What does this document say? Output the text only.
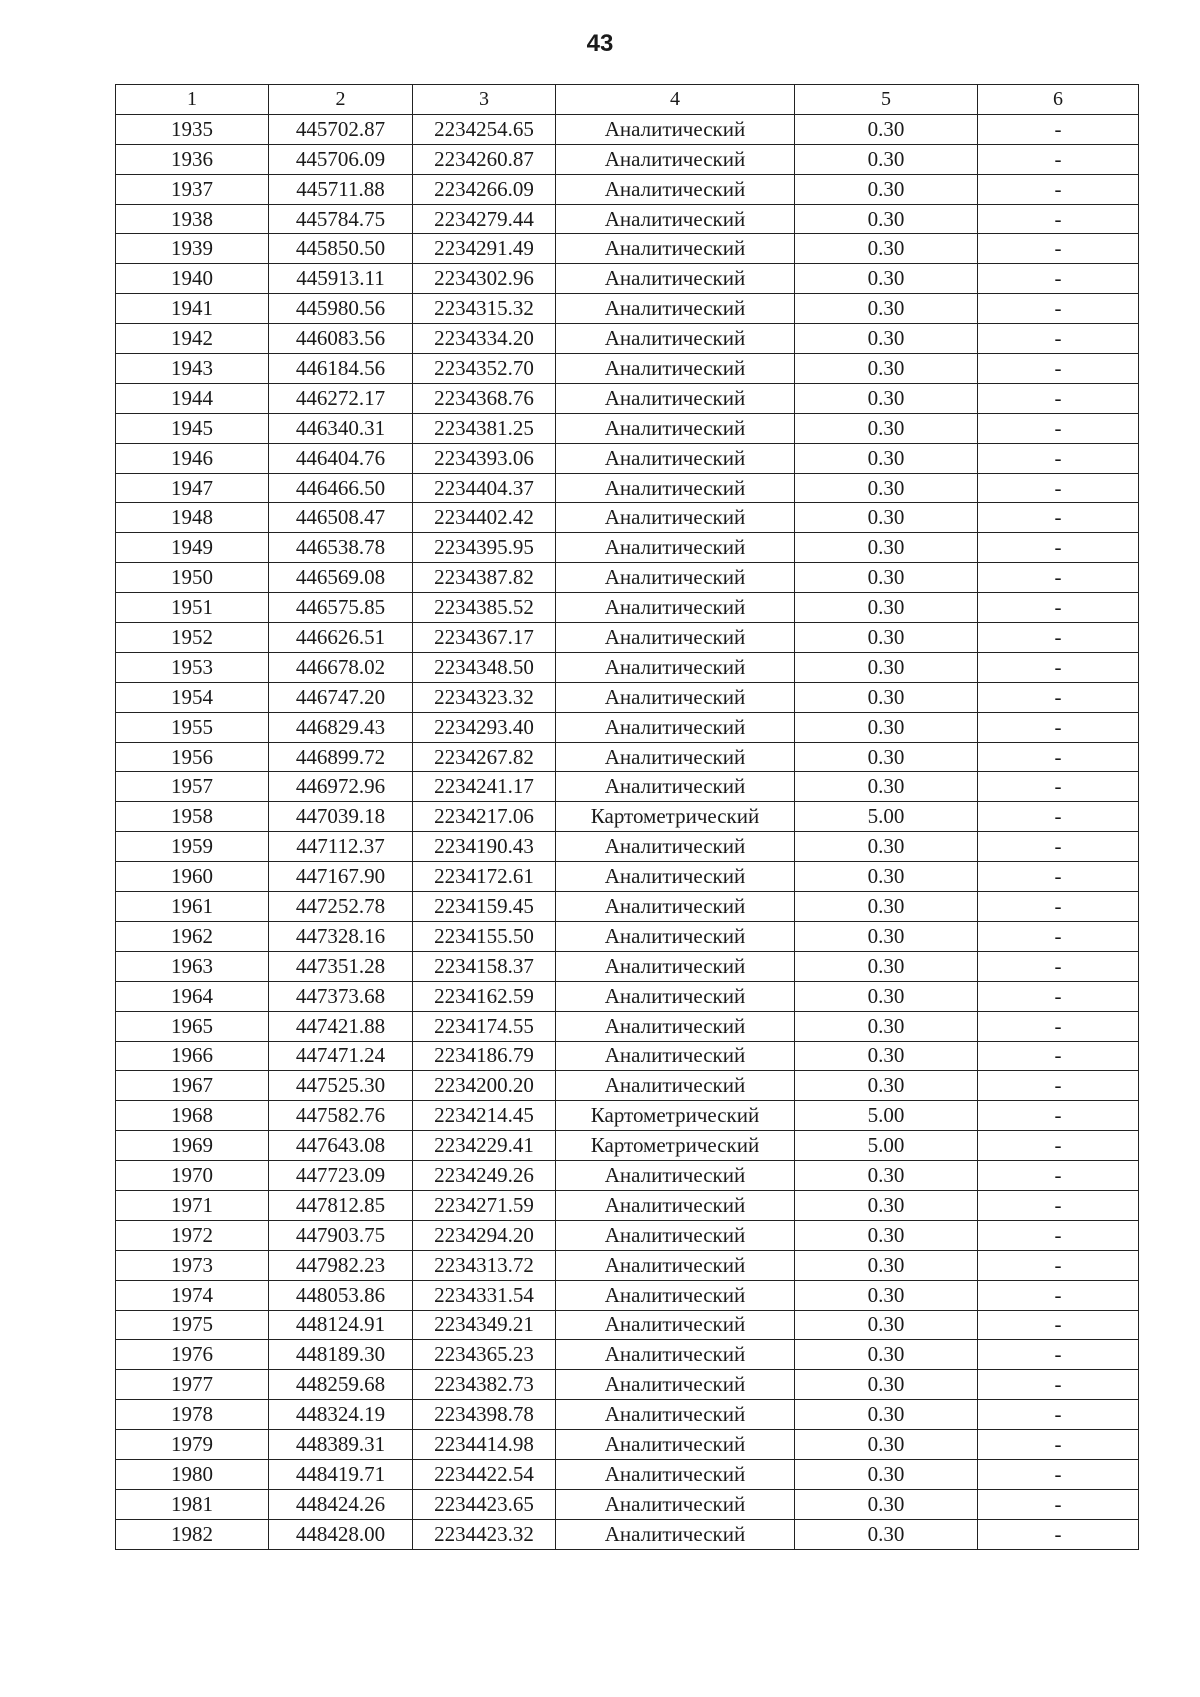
43
1	2	3	4	5	6
1935	445702.87	2234254.65	Аналитический	0.30	-
1936	445706.09	2234260.87	Аналитический	0.30	-
1937	445711.88	2234266.09	Аналитический	0.30	-
1938	445784.75	2234279.44	Аналитический	0.30	-
1939	445850.50	2234291.49	Аналитический	0.30	-
1940	445913.11	2234302.96	Аналитический	0.30	-
1941	445980.56	2234315.32	Аналитический	0.30	-
1942	446083.56	2234334.20	Аналитический	0.30	-
1943	446184.56	2234352.70	Аналитический	0.30	-
1944	446272.17	2234368.76	Аналитический	0.30	-
1945	446340.31	2234381.25	Аналитический	0.30	-
1946	446404.76	2234393.06	Аналитический	0.30	-
1947	446466.50	2234404.37	Аналитический	0.30	-
1948	446508.47	2234402.42	Аналитический	0.30	-
1949	446538.78	2234395.95	Аналитический	0.30	-
1950	446569.08	2234387.82	Аналитический	0.30	-
1951	446575.85	2234385.52	Аналитический	0.30	-
1952	446626.51	2234367.17	Аналитический	0.30	-
1953	446678.02	2234348.50	Аналитический	0.30	-
1954	446747.20	2234323.32	Аналитический	0.30	-
1955	446829.43	2234293.40	Аналитический	0.30	-
1956	446899.72	2234267.82	Аналитический	0.30	-
1957	446972.96	2234241.17	Аналитический	0.30	-
1958	447039.18	2234217.06	Картометрический	5.00	-
1959	447112.37	2234190.43	Аналитический	0.30	-
1960	447167.90	2234172.61	Аналитический	0.30	-
1961	447252.78	2234159.45	Аналитический	0.30	-
1962	447328.16	2234155.50	Аналитический	0.30	-
1963	447351.28	2234158.37	Аналитический	0.30	-
1964	447373.68	2234162.59	Аналитический	0.30	-
1965	447421.88	2234174.55	Аналитический	0.30	-
1966	447471.24	2234186.79	Аналитический	0.30	-
1967	447525.30	2234200.20	Аналитический	0.30	-
1968	447582.76	2234214.45	Картометрический	5.00	-
1969	447643.08	2234229.41	Картометрический	5.00	-
1970	447723.09	2234249.26	Аналитический	0.30	-
1971	447812.85	2234271.59	Аналитический	0.30	-
1972	447903.75	2234294.20	Аналитический	0.30	-
1973	447982.23	2234313.72	Аналитический	0.30	-
1974	448053.86	2234331.54	Аналитический	0.30	-
1975	448124.91	2234349.21	Аналитический	0.30	-
1976	448189.30	2234365.23	Аналитический	0.30	-
1977	448259.68	2234382.73	Аналитический	0.30	-
1978	448324.19	2234398.78	Аналитический	0.30	-
1979	448389.31	2234414.98	Аналитический	0.30	-
1980	448419.71	2234422.54	Аналитический	0.30	-
1981	448424.26	2234423.65	Аналитический	0.30	-
1982	448428.00	2234423.32	Аналитический	0.30	-
